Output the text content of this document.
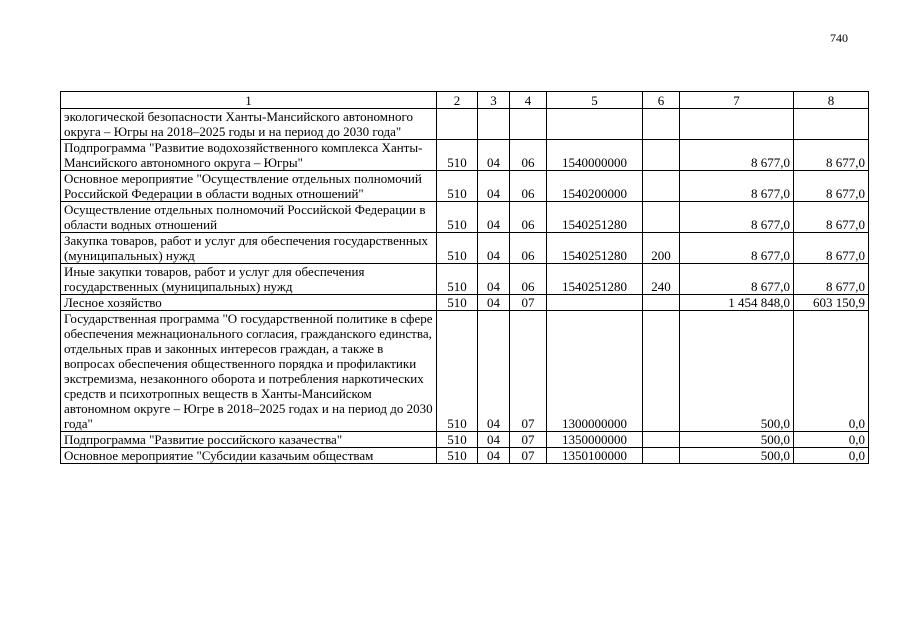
740
1	2	3	4	5	6	7	8
экологической безопасности Ханты-Мансийского автономного округа – Югры на 2018–2025 годы и на период до 2030 года"							
Подпрограмма "Развитие водохозяйственного комплекса Ханты-Мансийского автономного округа – Югры"	510	04	06	1540000000		8 677,0	8 677,0
Основное мероприятие "Осуществление отдельных полномочий Российской Федерации в области водных отношений"	510	04	06	1540200000		8 677,0	8 677,0
Осуществление отдельных полномочий Российской Федерации в области водных отношений	510	04	06	1540251280		8 677,0	8 677,0
Закупка товаров, работ и услуг для обеспечения государственных (муниципальных) нужд	510	04	06	1540251280	200	8 677,0	8 677,0
Иные закупки товаров, работ и услуг для обеспечения государственных (муниципальных) нужд	510	04	06	1540251280	240	8 677,0	8 677,0
Лесное хозяйство	510	04	07			1 454 848,0	603 150,9
Государственная программа "О государственной политике в сфере обеспечения межнационального согласия, гражданского единства, отдельных прав и законных интересов граждан, а также в вопросах обеспечения общественного порядка и профилактики экстремизма, незаконного оборота и потребления наркотических средств и психотропных веществ в Ханты-Мансийском автономном округе – Югре в 2018–2025 годах и на период до 2030 года"	510	04	07	1300000000		500,0	0,0
Подпрограмма "Развитие российского казачества"	510	04	07	1350000000		500,0	0,0
Основное мероприятие "Субсидии казачьим обществам	510	04	07	1350100000		500,0	0,0
